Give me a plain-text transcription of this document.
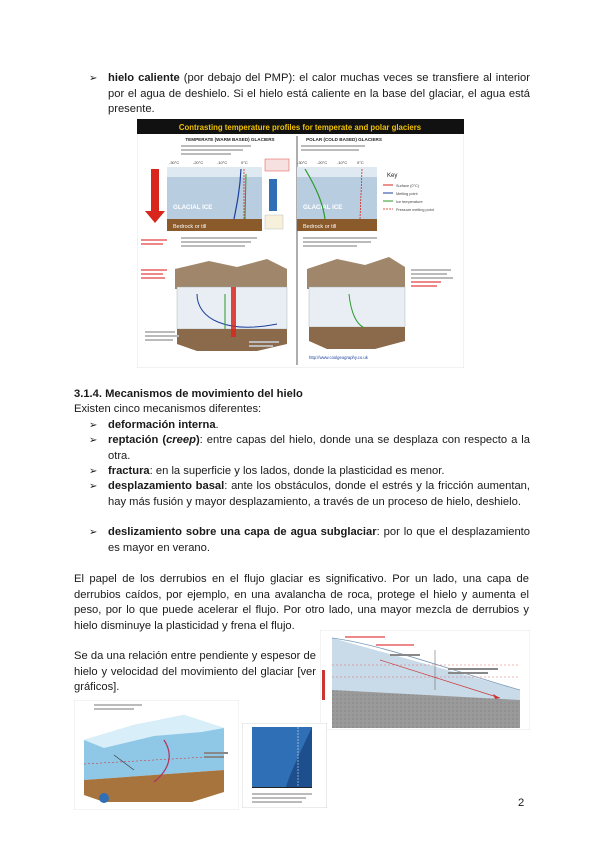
➢ hielo caliente (por debajo del PMP): el calor muchas veces se transfiere al interior por el agua de deshielo. Si el hielo está caliente en la base del glaciar, el agua está presente.
Contrasting temperature profiles for temperate and polar glaciers
TEMPERATE (WARM BASED) GLACIERS	POLAR (COLD BASED) GLACIERS
-30°C	-20°C	-10°C	0°C
GLACIAL ICE
Bedrock or till
-30°C -20°C -10°C 0°C
GLACIAL ICE
Bedrock or till
Key
Surface (0°C)
Melting point
Ice temperature
Pressure melting point
http://www.coolgeography.co.uk
3.1.4. Mecanismos de movimiento del hielo
Existen cinco mecanismos diferentes:
➢ deformación interna.
➢ reptación (creep): entre capas del hielo, donde una se desplaza con respecto a la otra.
➢ fractura: en la superficie y los lados, donde la plasticidad es menor.
➢ desplazamiento basal: ante los obstáculos, donde el estrés y la fricción aumentan, hay más fusión y mayor desplazamiento, a través de un proceso de hielo, deshielo.
➢ deslizamiento sobre una capa de agua subglaciar: por lo que el desplazamiento es mayor en verano.
El papel de los derrubios en el flujo glaciar es significativo. Por un lado, una capa de derrubios caídos, por ejemplo, en una avalancha de roca, protege el hielo y aumenta el peso, por lo que puede acelerar el flujo. Por otro lado, una mayor mezcla de derrubios y hielo disminuye la plasticidad y frena el flujo.
Se da una relación entre pendiente y espesor de hielo y velocidad del movimiento del glaciar [ver gráficos].
2
